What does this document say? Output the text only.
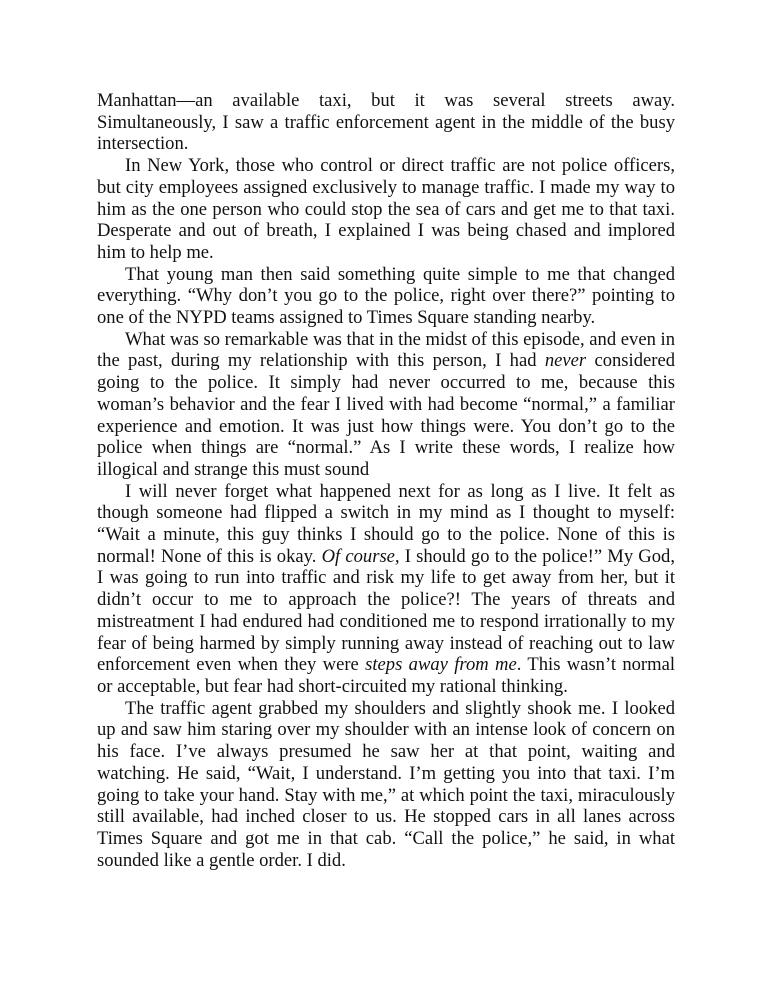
Manhattan—an available taxi, but it was several streets away. Simultaneously, I saw a traffic enforcement agent in the middle of the busy intersection.

In New York, those who control or direct traffic are not police officers, but city employees assigned exclusively to manage traffic. I made my way to him as the one person who could stop the sea of cars and get me to that taxi. Desperate and out of breath, I explained I was being chased and implored him to help me.

That young man then said something quite simple to me that changed everything. “Why don’t you go to the police, right over there?” pointing to one of the NYPD teams assigned to Times Square standing nearby.

What was so remarkable was that in the midst of this episode, and even in the past, during my relationship with this person, I had never considered going to the police. It simply had never occurred to me, because this woman’s behavior and the fear I lived with had become “normal,” a familiar experience and emotion. It was just how things were. You don’t go to the police when things are “normal.” As I write these words, I realize how illogical and strange this must sound

I will never forget what happened next for as long as I live. It felt as though someone had flipped a switch in my mind as I thought to myself: “Wait a minute, this guy thinks I should go to the police. None of this is normal! None of this is okay. Of course, I should go to the police!” My God, I was going to run into traffic and risk my life to get away from her, but it didn’t occur to me to approach the police?! The years of threats and mistreatment I had endured had conditioned me to respond irrationally to my fear of being harmed by simply running away instead of reaching out to law enforcement even when they were steps away from me. This wasn’t normal or acceptable, but fear had short-circuited my rational thinking.

The traffic agent grabbed my shoulders and slightly shook me. I looked up and saw him staring over my shoulder with an intense look of concern on his face. I’ve always presumed he saw her at that point, waiting and watching. He said, “Wait, I understand. I’m getting you into that taxi. I’m going to take your hand. Stay with me,” at which point the taxi, miraculously still available, had inched closer to us. He stopped cars in all lanes across Times Square and got me in that cab. “Call the police,” he said, in what sounded like a gentle order. I did.
